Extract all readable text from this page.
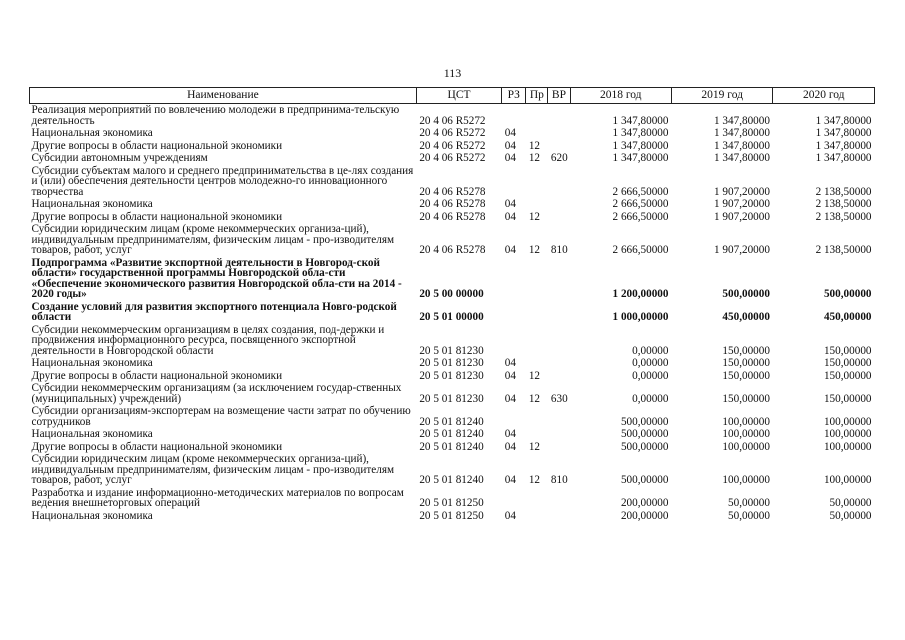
113
Наименование	ЦСТ	РЗ	Пр	ВР	2018 год	2019 год	2020 год
Реализация мероприятий по вовлечению молодежи в предпринима-тельскую деятельность	20 4 06 R5272				1 347,80000	1 347,80000	1 347,80000
Национальная экономика	20 4 06 R5272	04			1 347,80000	1 347,80000	1 347,80000
Другие вопросы в области национальной экономики	20 4 06 R5272	04	12		1 347,80000	1 347,80000	1 347,80000
Субсидии автономным учреждениям	20 4 06 R5272	04	12	620	1 347,80000	1 347,80000	1 347,80000
Субсидии субъектам малого и среднего предпринимательства в це-лях создания и (или) обеспечения деятельности центров молодежно-го инновационного творчества	20 4 06 R5278				2 666,50000	1 907,20000	2 138,50000
Национальная экономика	20 4 06 R5278	04			2 666,50000	1 907,20000	2 138,50000
Другие вопросы в области национальной экономики	20 4 06 R5278	04	12		2 666,50000	1 907,20000	2 138,50000
Субсидии юридическим лицам (кроме некоммерческих организа-ций), индивидуальным предпринимателям, физическим лицам - про-изводителям товаров, работ, услуг	20 4 06 R5278	04	12	810	2 666,50000	1 907,20000	2 138,50000
Подпрограмма «Развитие экспортной деятельности в Новгород-ской области» государственной программы Новгородской обла-сти «Обеспечение экономического развития Новгородской обла-сти на 2014 - 2020 годы»	20 5 00 00000				1 200,00000	500,00000	500,00000
Создание условий для развития экспортного потенциала Новго-родской области	20 5 01 00000				1 000,00000	450,00000	450,00000
Субсидии некоммерческим организациям в целях создания, под-держки и продвижения информационного ресурса, посвященного экспортной деятельности в Новгородской области	20 5 01 81230				0,00000	150,00000	150,00000
Национальная экономика	20 5 01 81230	04			0,00000	150,00000	150,00000
Другие вопросы в области национальной экономики	20 5 01 81230	04	12		0,00000	150,00000	150,00000
Субсидии некоммерческим организациям (за исключением государ-ственных (муниципальных) учреждений)	20 5 01 81230	04	12	630	0,00000	150,00000	150,00000
Субсидии организациям-экспортерам на возмещение части затрат по обучению сотрудников	20 5 01 81240				500,00000	100,00000	100,00000
Национальная экономика	20 5 01 81240	04			500,00000	100,00000	100,00000
Другие вопросы в области национальной экономики	20 5 01 81240	04	12		500,00000	100,00000	100,00000
Субсидии юридическим лицам (кроме некоммерческих организа-ций), индивидуальным предпринимателям, физическим лицам - про-изводителям товаров, работ, услуг	20 5 01 81240	04	12	810	500,00000	100,00000	100,00000
Разработка и издание информационно-методических материалов по вопросам ведения внешнеторговых операций	20 5 01 81250				200,00000	50,00000	50,00000
Национальная экономика	20 5 01 81250	04			200,00000	50,00000	50,00000
